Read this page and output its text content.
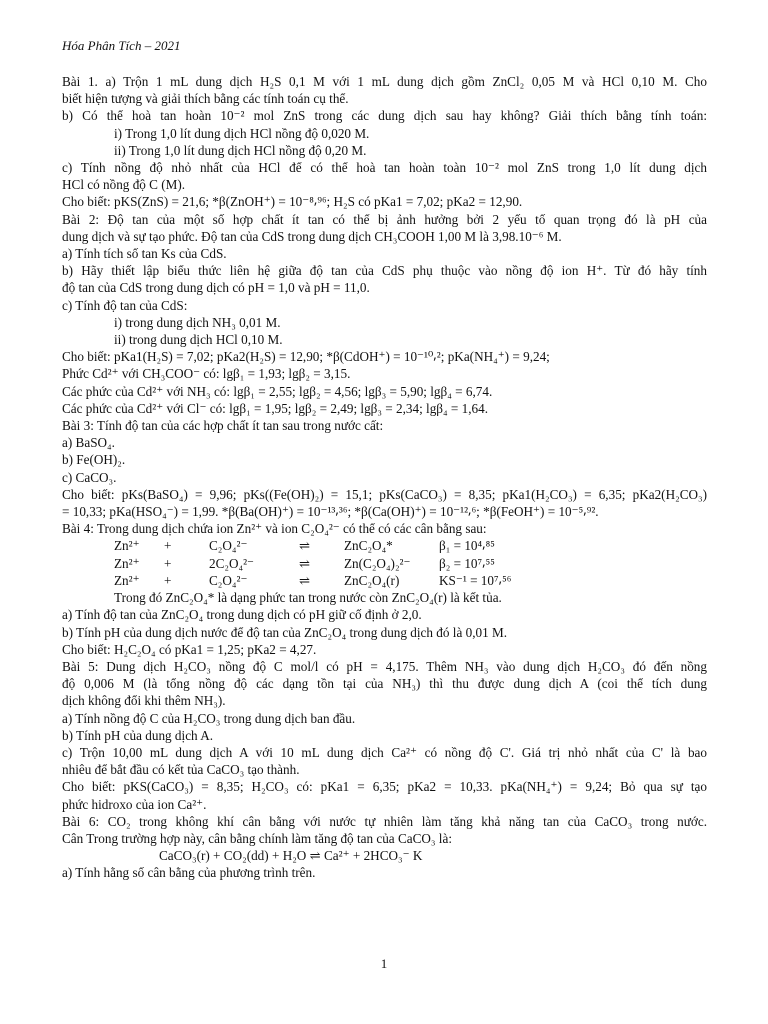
Hóa Phân Tích – 2021
Bài 1. a) Trộn 1 mL dung dịch H₂S 0,1 M với 1 mL dung dịch gồm ZnCl₂ 0,05 M và HCl 0,10 M. Cho
biết hiện tượng và giải thích bằng các tính toán cụ thể.
b) Có thể hoà tan hoàn 10⁻² mol ZnS trong các dung dịch sau hay không? Giải thích bằng tính toán:
i) Trong 1,0 lít dung dịch HCl nồng độ 0,020 M.
ii) Trong 1,0 lít dung dịch HCl nồng độ 0,20 M.
c) Tính nồng độ nhỏ nhất của HCl để có thể hoà tan hoàn toàn 10⁻² mol ZnS trong 1,0 lít dung dịch
HCl có nồng độ C (M).
Cho biết: pKS(ZnS) = 21,6; *β(ZnOH⁺) = 10⁻⁸⸴⁹⁶; H₂S có pKa1 = 7,02; pKa2 = 12,90.
Bài 2: Độ tan của một số hợp chất ít tan có thể bị ảnh hưởng bởi 2 yếu tố quan trọng đó là pH của
dung dịch và sự tạo phức. Độ tan của CdS trong dung dịch CH₃COOH 1,00 M là 3,98.10⁻⁶ M.
a) Tính tích số tan Ks của CdS.
b) Hãy thiết lập biểu thức liên hệ giữa độ tan của CdS phụ thuộc vào nồng độ ion H⁺. Từ đó hãy tính
độ tan của CdS trong dung dịch có pH = 1,0 và pH = 11,0.
c) Tính độ tan của CdS:
i) trong dung dịch NH₃ 0,01 M.
ii) trong dung dịch HCl 0,10 M.
Cho biết: pKa1(H₂S) = 7,02; pKa2(H₂S) = 12,90; *β(CdOH⁺) = 10⁻¹⁰⸴²; pKa(NH₄⁺) = 9,24;
Phức Cd²⁺ với CH₃COO⁻ có: lgβ₁ = 1,93; lgβ₂ = 3,15.
Các phức của Cd²⁺ với NH₃ có: lgβ₁ = 2,55; lgβ₂ = 4,56; lgβ₃ = 5,90; lgβ₄ = 6,74.
Các phức của Cd²⁺ với Cl⁻ có: lgβ₁ = 1,95; lgβ₂ = 2,49; lgβ₃ = 2,34; lgβ₄ = 1,64.
Bài 3: Tính độ tan của các hợp chất ít tan sau trong nước cất:
a) BaSO₄.
b) Fe(OH)₂.
c) CaCO₃.
Cho biết: pKs(BaSO₄) = 9,96; pKs((Fe(OH)₂) = 15,1; pKs(CaCO₃) = 8,35; pKa1(H₂CO₃) = 6,35; pKa2(H₂CO₃)
= 10,33; pKa(HSO₄⁻) = 1,99. *β(Ba(OH)⁺) = 10⁻¹³⸴³⁶; *β(Ca(OH)⁺) = 10⁻¹²⸴⁶; *β(FeOH⁺) = 10⁻⁵⸴⁹².
Bài 4: Trong dung dịch chứa ion Zn²⁺ và ion C₂O₄²⁻ có thể có các cân bằng sau:
Zn²⁺	+	C₂O₄²⁻	⇌	ZnC₂O₄*	β₁ = 10⁴⸴⁸⁵
Zn²⁺	+	2C₂O₄²⁻	⇌	Zn(C₂O₄)₂²⁻	β₂ = 10⁷⸴⁵⁵
Zn²⁺	+	C₂O₄²⁻	⇌	ZnC₂O₄(r)	KS⁻¹ = 10⁷⸴⁵⁶
Trong đó ZnC₂O₄* là dạng phức tan trong nước còn ZnC₂O₄(r) là kết tủa.
a) Tính độ tan của ZnC₂O₄ trong dung dịch có pH giữ cố định ở 2,0.
b) Tính pH của dung dịch nước để độ tan của ZnC₂O₄ trong dung dịch đó là 0,01 M.
Cho biết: H₂C₂O₄ có pKa1 = 1,25; pKa2 = 4,27.
Bài 5: Dung dịch H₂CO₃ nồng độ C mol/l có pH = 4,175. Thêm NH₃ vào dung dịch H₂CO₃ đó đến nồng
độ 0,006 M (là tổng nồng độ các dạng tồn tại của NH₃) thì thu được dung dịch A (coi thể tích dung
dịch không đổi khi thêm NH₃).
a) Tính nồng độ C của H₂CO₃ trong dung dịch ban đầu.
b) Tính pH của dung dịch A.
c) Trộn 10,00 mL dung dịch A với 10 mL dung dịch Ca²⁺ có nồng độ C'. Giá trị nhỏ nhất của C' là bao
nhiêu để bắt đầu có kết tủa CaCO₃ tạo thành.
Cho biết: pKS(CaCO₃) = 8,35; H₂CO₃ có: pKa1 = 6,35; pKa2 = 10,33. pKa(NH₄⁺) = 9,24; Bỏ qua sự tạo
phức hidroxo của ion Ca²⁺.
Bài 6: CO₂ trong không khí cân bằng với nước tự nhiên làm tăng khả năng tan của CaCO₃ trong nước.
Cân Trong trường hợp này, cân bằng chính làm tăng độ tan của CaCO₃ là:
CaCO₃(r) + CO₂(dd) + H₂O ⇌ Ca²⁺ + 2HCO₃⁻ K
a) Tính hằng số cân bằng của phương trình trên.
1
